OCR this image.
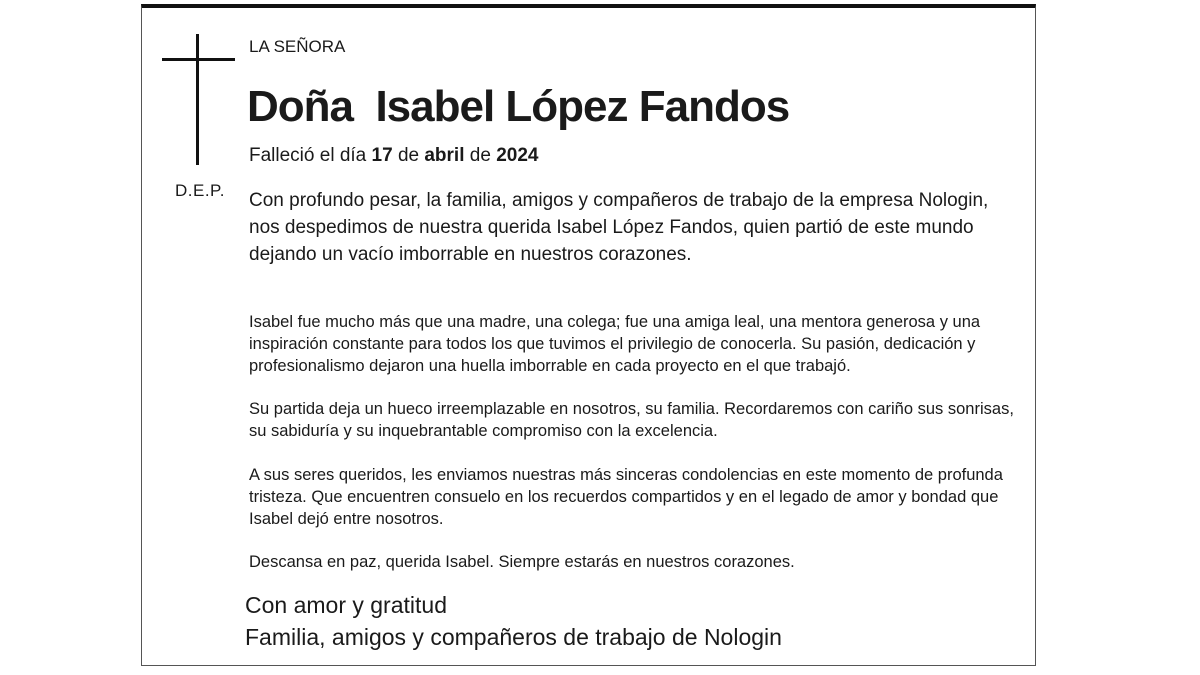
D.E.P.
LA SEÑORA
Doña  Isabel López Fandos
Falleció el día 17 de abril de 2024
Con profundo pesar, la familia, amigos y compañeros de trabajo de la empresa Nologin, nos despedimos de nuestra querida Isabel López Fandos, quien partió de este mundo dejando un vacío imborrable en nuestros corazones.
Isabel fue mucho más que una madre, una colega; fue una amiga leal, una mentora generosa y una inspiración constante para todos los que tuvimos el privilegio de conocerla. Su pasión, dedicación y profesionalismo dejaron una huella imborrable en cada proyecto en el que trabajó.
Su partida deja un hueco irreemplazable en nosotros, su familia. Recordaremos con cariño sus sonrisas, su sabiduría y su inquebrantable compromiso con la excelencia.
A sus seres queridos, les enviamos nuestras más sinceras condolencias en este momento de profunda tristeza. Que encuentren consuelo en los recuerdos compartidos y en el legado de amor y bondad que Isabel dejó entre nosotros.
Descansa en paz, querida Isabel. Siempre estarás en nuestros corazones.
Con amor y gratitud
Familia, amigos y compañeros de trabajo de Nologin
